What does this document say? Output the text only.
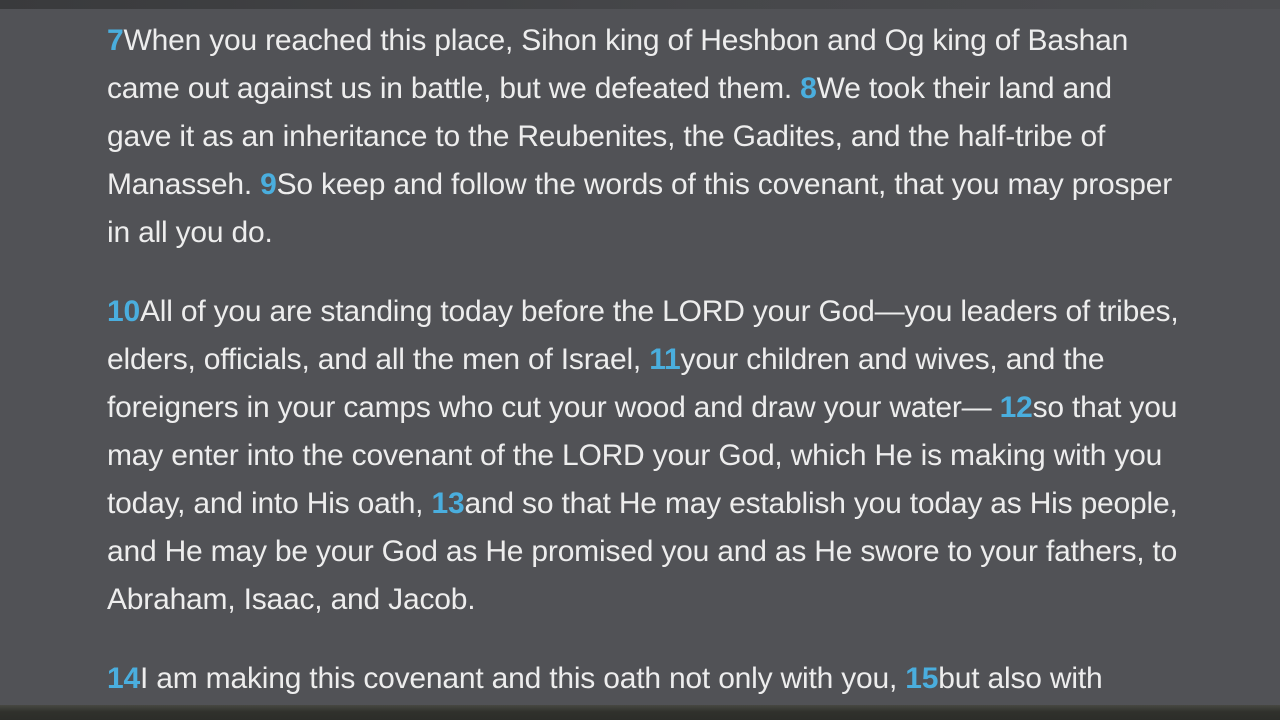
7When you reached this place, Sihon king of Heshbon and Og king of Bashan came out against us in battle, but we defeated them. 8We took their land and gave it as an inheritance to the Reubenites, the Gadites, and the half-tribe of Manasseh. 9So keep and follow the words of this covenant, that you may prosper in all you do.

10All of you are standing today before the LORD your God—you leaders of tribes, elders, officials, and all the men of Israel, 11your children and wives, and the foreigners in your camps who cut your wood and draw your water— 12so that you may enter into the covenant of the LORD your God, which He is making with you today, and into His oath, 13and so that He may establish you today as His people, and He may be your God as He promised you and as He swore to your fathers, to Abraham, Isaac, and Jacob.

14I am making this covenant and this oath not only with you, 15but also with
